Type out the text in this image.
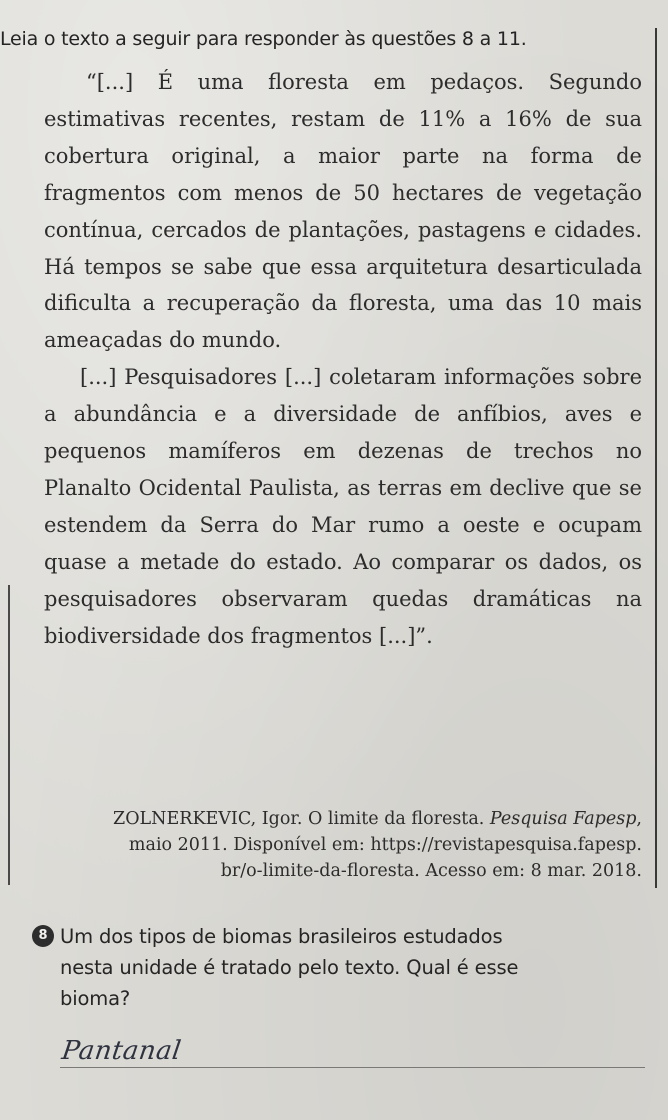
Leia o texto a seguir para responder às questões 8 a 11.

“[...] É uma floresta em pedaços. Segundo estimativas recentes, restam de 11% a 16% de sua cobertura original, a maior parte na forma de fragmentos com menos de 50 hectares de vegetação contínua, cercados de plantações, pastagens e cidades. Há tempos se sabe que essa arquitetura desarticulada dificulta a recuperação da floresta, uma das 10 mais ameaçadas do mundo.

[...] Pesquisadores [...] coletaram informações sobre a abundância e a diversidade de anfíbios, aves e pequenos mamíferos em dezenas de trechos no Planalto Ocidental Paulista, as terras em declive que se estendem da Serra do Mar rumo a oeste e ocupam quase a metade do estado. Ao comparar os dados, os pesquisadores observaram quedas dramáticas na biodiversidade dos fragmentos [...]”.

ZOLNERKEVIC, Igor. O limite da floresta. Pesquisa Fapesp,
maio 2011. Disponível em: https://revistapesquisa.fapesp.
br/o-limite-da-floresta. Acesso em: 8 mar. 2018.
8 Um dos tipos de biomas brasileiros estudados
nesta unidade é tratado pelo texto. Qual é esse
bioma?
Pantanal
